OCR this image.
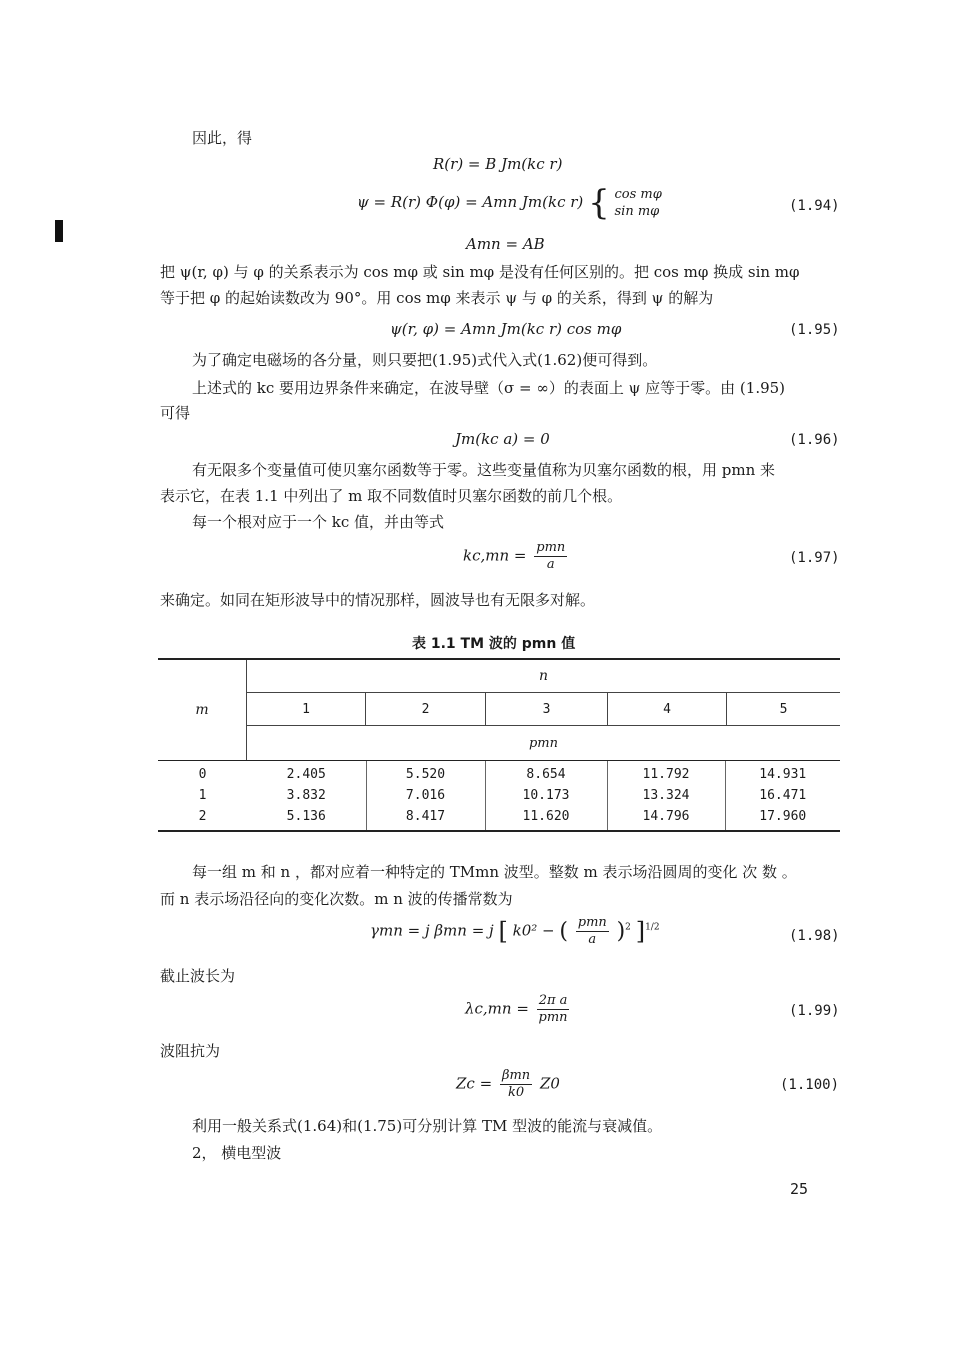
因此，得
R(r) = B Jm(kc r)
ψ = R(r) Φ(φ) = Amn Jm(kc r) { cos mφ
sin mφ	(1.94)
Amn = AB
把 ψ(r, φ) 与 φ 的关系表示为 cos mφ 或 sin mφ 是没有任何区别的。把 cos mφ 换成 sin mφ
等于把 φ 的起始读数改为 90°。用 cos mφ 来表示 ψ 与 φ 的关系，得到 ψ 的解为
ψ(r, φ) = Amn Jm(kc r) cos mφ	(1.95)
为了确定电磁场的各分量，则只要把(1.95)式代入式(1.62)便可得到。
上述式的 kc 要用边界条件来确定，在波导壁（σ = ∞）的表面上 ψ 应等于零。由 (1.95)
可得
Jm(kc a) = 0	(1.96)
有无限多个变量值可使贝塞尔函数等于零。这些变量值称为贝塞尔函数的根，用 pmn 来
表示它，在表 1.1 中列出了 m 取不同数值时贝塞尔函数的前几个根。
每一个根对应于一个 kc 值，并由等式
$kc,mn = \frac{\text{pmn}}{a}$	(1.97)
来确定。如同在矩形波导中的情况那样，圆波导也有无限多对解。
表 1.1 TM 波的 pmn 值
m
n
1	2	3	4	5
pmn
0	2.405	5.520	8.654	11.792	14.931
1	3.832	7.016	10.173	13.324	16.471
2	5.136	8.417	11.620	14.796	17.960
每一组 m 和 n ，都对应着一种特定的 TMmn 波型。整数 m 表示场沿圆周的变化 次 数 。
而 n 表示场沿径向的变化次数。m n 波的传播常数为
γmn = j βmn = j [ k0² − ( $\frac{\text{pmn}}{a} )^2$ ]$^{1/2}$
(1.98)
截止波长为
$\lambda c,mn = \frac{\text{2π a}}{\text{pmn}}$	(1.99)
波阻抗为
$Zc = \frac{\text{βmn}}{k0} Z0$	(1.100)
利用一般关系式(1.64)和(1.75)可分别计算 TM 型波的能流与衰减值。
2， 横电型波
25
